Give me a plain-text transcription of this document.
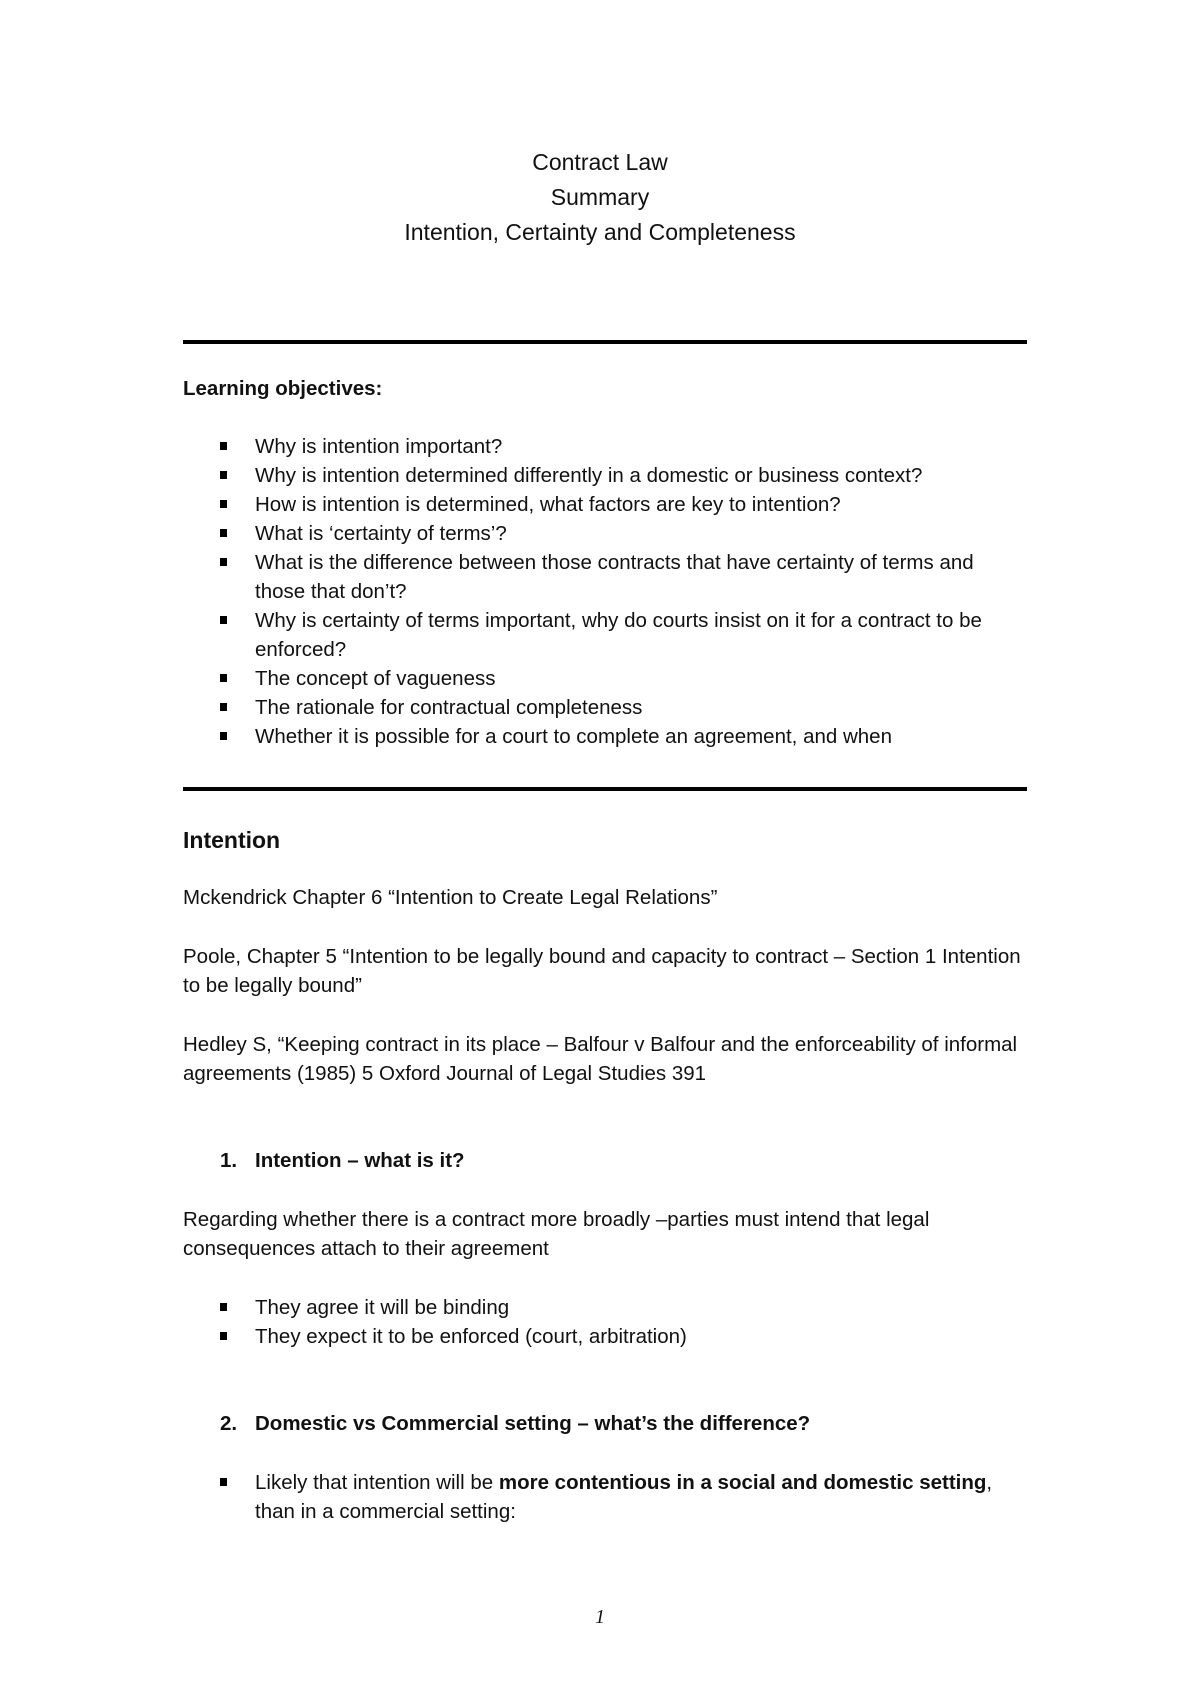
Contract Law
Summary
Intention, Certainty and Completeness
Learning objectives:
Why is intention important?
Why is intention determined differently in a domestic or business context?
How is intention is determined, what factors are key to intention?
What is ‘certainty of terms’?
What is the difference between those contracts that have certainty of terms and those that don’t?
Why is certainty of terms important, why do courts insist on it for a contract to be enforced?
The concept of vagueness
The rationale for contractual completeness
Whether it is possible for a court to complete an agreement, and when
Intention
Mckendrick Chapter 6 “Intention to Create Legal Relations”
Poole, Chapter 5 “Intention to be legally bound and capacity to contract – Section 1 Intention to be legally bound”
Hedley S, “Keeping contract in its place – Balfour v Balfour and the enforceability of informal agreements (1985) 5 Oxford Journal of Legal Studies 391
1. Intention – what is it?
Regarding whether there is a contract more broadly –parties must intend that legal consequences attach to their agreement
They agree it will be binding
They expect it to be enforced (court, arbitration)
2. Domestic vs Commercial setting – what’s the difference?
Likely that intention will be more contentious in a social and domestic setting, than in a commercial setting:
1
